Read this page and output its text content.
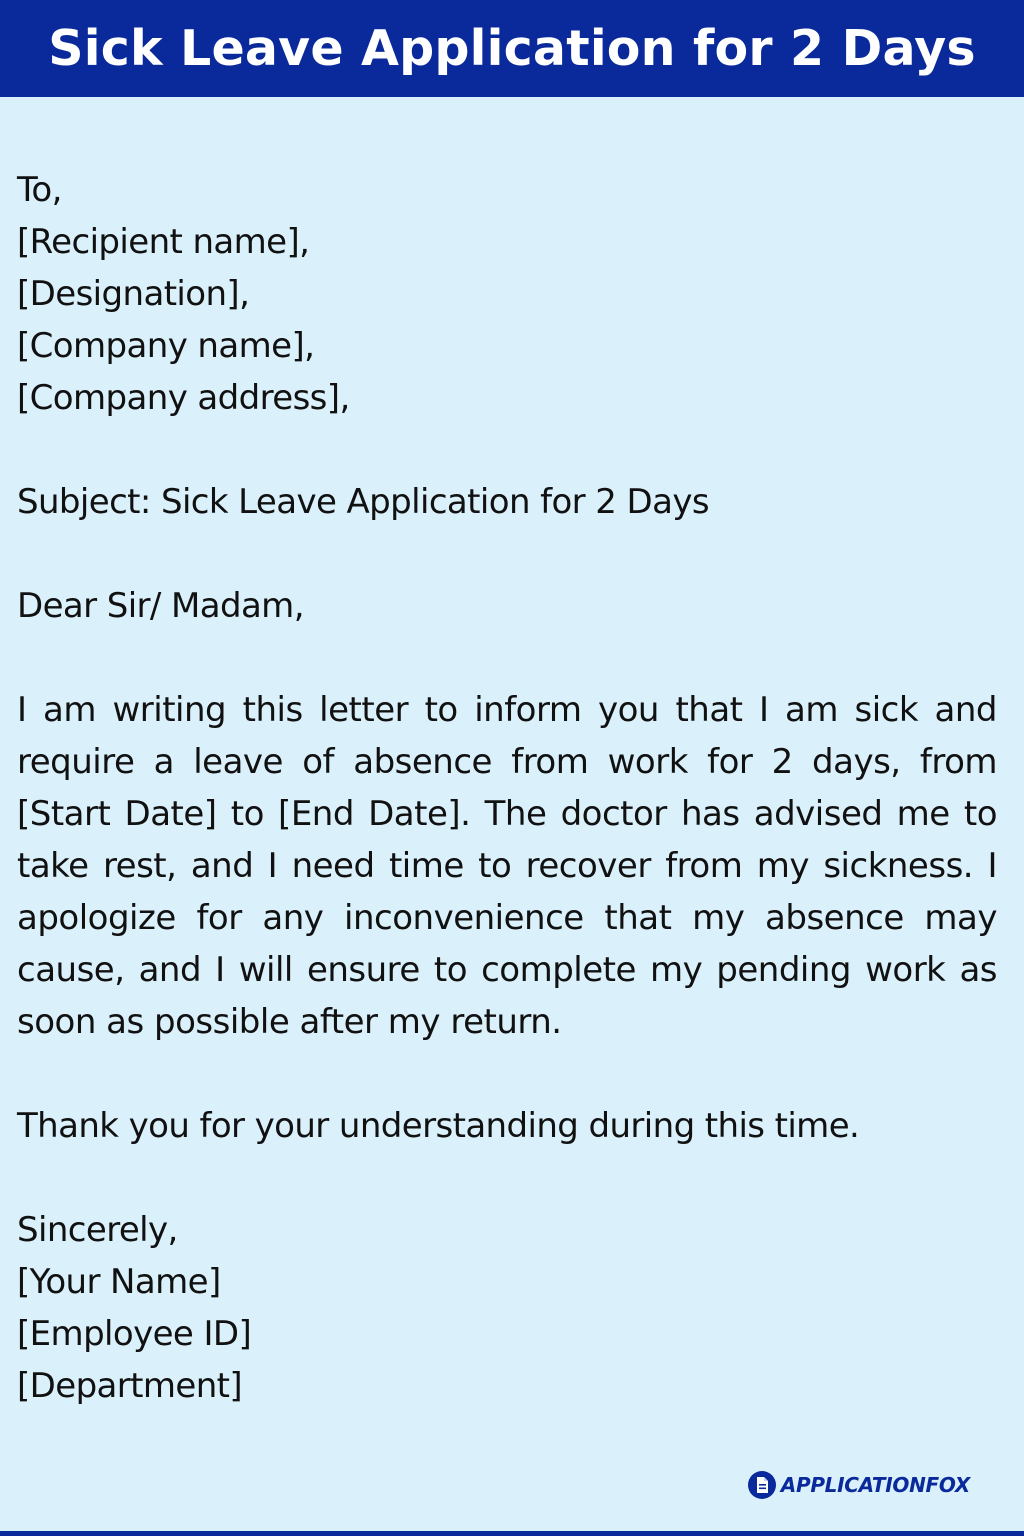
Sick Leave Application for 2 Days
To,
[Recipient name],
[Designation],
[Company name],
[Company address],
Subject: Sick Leave Application for 2 Days
Dear Sir/ Madam,
I am writing this letter to inform you that I am sick and require a leave of absence from work for 2 days, from [Start Date] to [End Date]. The doctor has advised me to take rest, and I need time to recover from my sickness. I apologize for any inconvenience that my absence may cause, and I will ensure to complete my pending work as soon as possible after my return.
Thank you for your understanding during this time.
Sincerely,
[Your Name]
[Employee ID]
[Department]
APPLICATIONFOX
